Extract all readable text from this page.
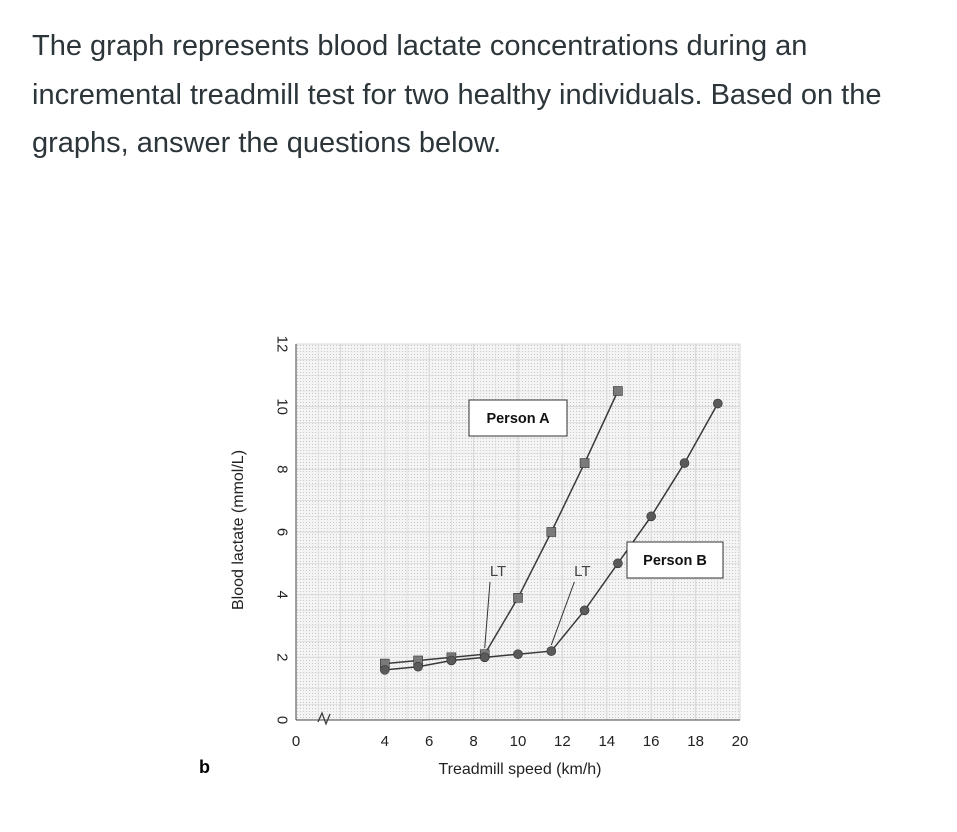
The graph represents blood lactate concentrations during an incremental treadmill test for two healthy individuals. Based on the graphs, answer the questions below.

0	4 6 8 10 12 14 16 18 20
0
2
4
6
8
10
12
Person A
Person B
LT	LT
Treadmill speed (km/h)
Blood lactate (mmol/L)
b
